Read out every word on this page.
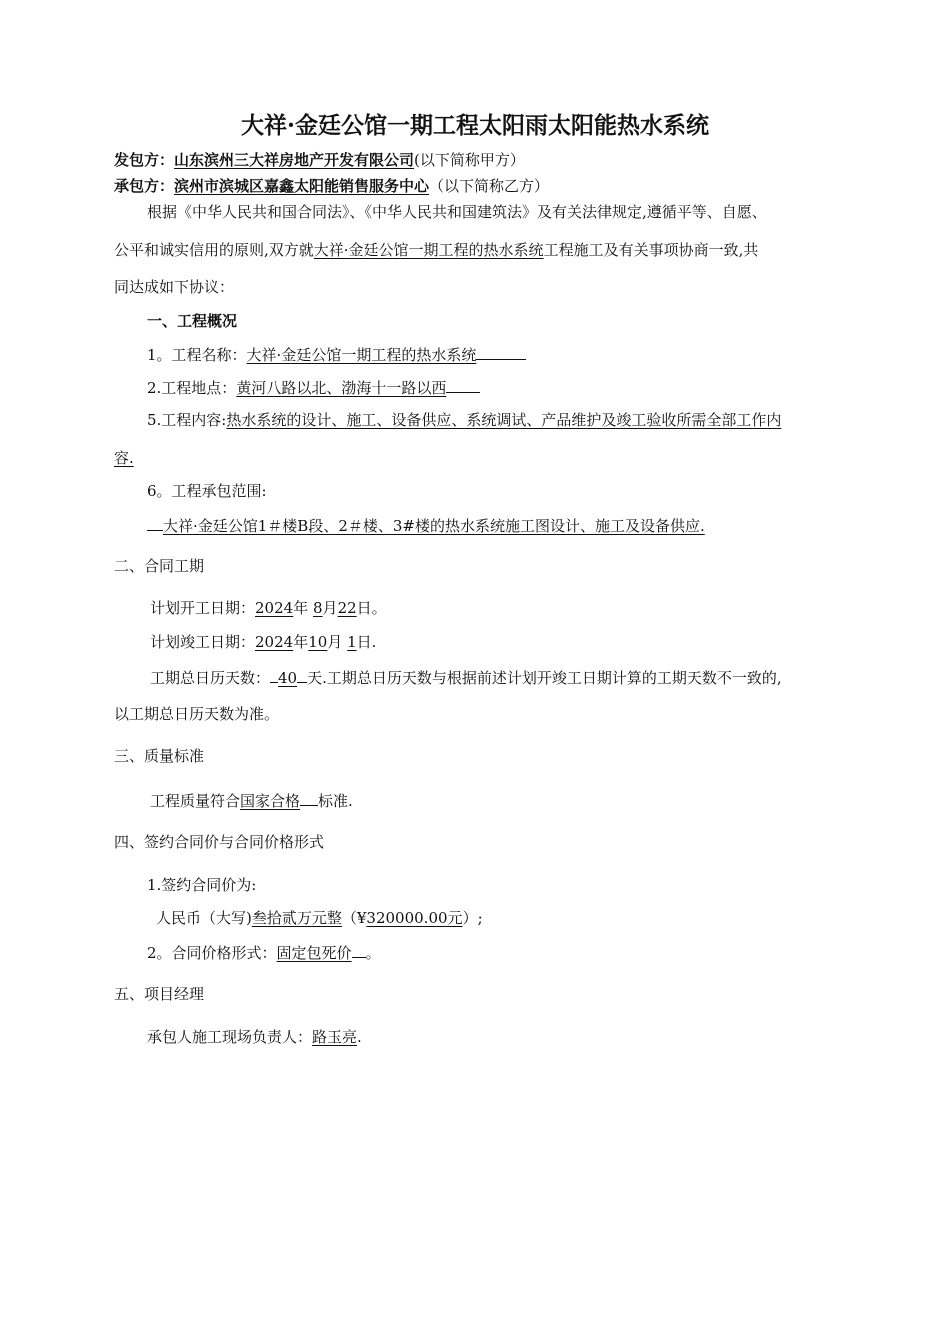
大祥·金廷公馆一期工程太阳雨太阳能热水系统
发包方：山东滨州三大祥房地产开发有限公司(以下简称甲方）
承包方：滨州市滨城区嘉鑫太阳能销售服务中心（以下简称乙方）
根据《中华人民共和国合同法》、《中华人民共和国建筑法》及有关法律规定,遵循平等、自愿、
公平和诚实信用的原则,双方就大祥·金廷公馆一期工程的热水系统工程施工及有关事项协商一致,共
同达成如下协议：
一、工程概况
1。工程名称：大祥·金廷公馆一期工程的热水系统
2.工程地点：黄河八路以北、渤海十一路以西
5.工程内容:热水系统的设计、施工、设备供应、系统调试、产品维护及竣工验收所需全部工作内
容.
6。工程承包范围:
大祥·金廷公馆1＃楼B段、2＃楼、3#楼的热水系统施工图设计、施工及设备供应.
二、合同工期
计划开工日期：2024年 8月22日。
计划竣工日期：2024年10月 1日.
工期总日历天数： 40 天.工期总日历天数与根据前述计划开竣工日期计算的工期天数不一致的,
以工期总日历天数为准。
三、质量标准
工程质量符合国家合格 标准.
四、签约合同价与合同价格形式
1.签约合同价为:
人民币（大写)叁拾贰万元整（¥320000.00元）;
2。合同价格形式：固定包死价 。
五、项目经理
承包人施工现场负责人：路玉亮.
